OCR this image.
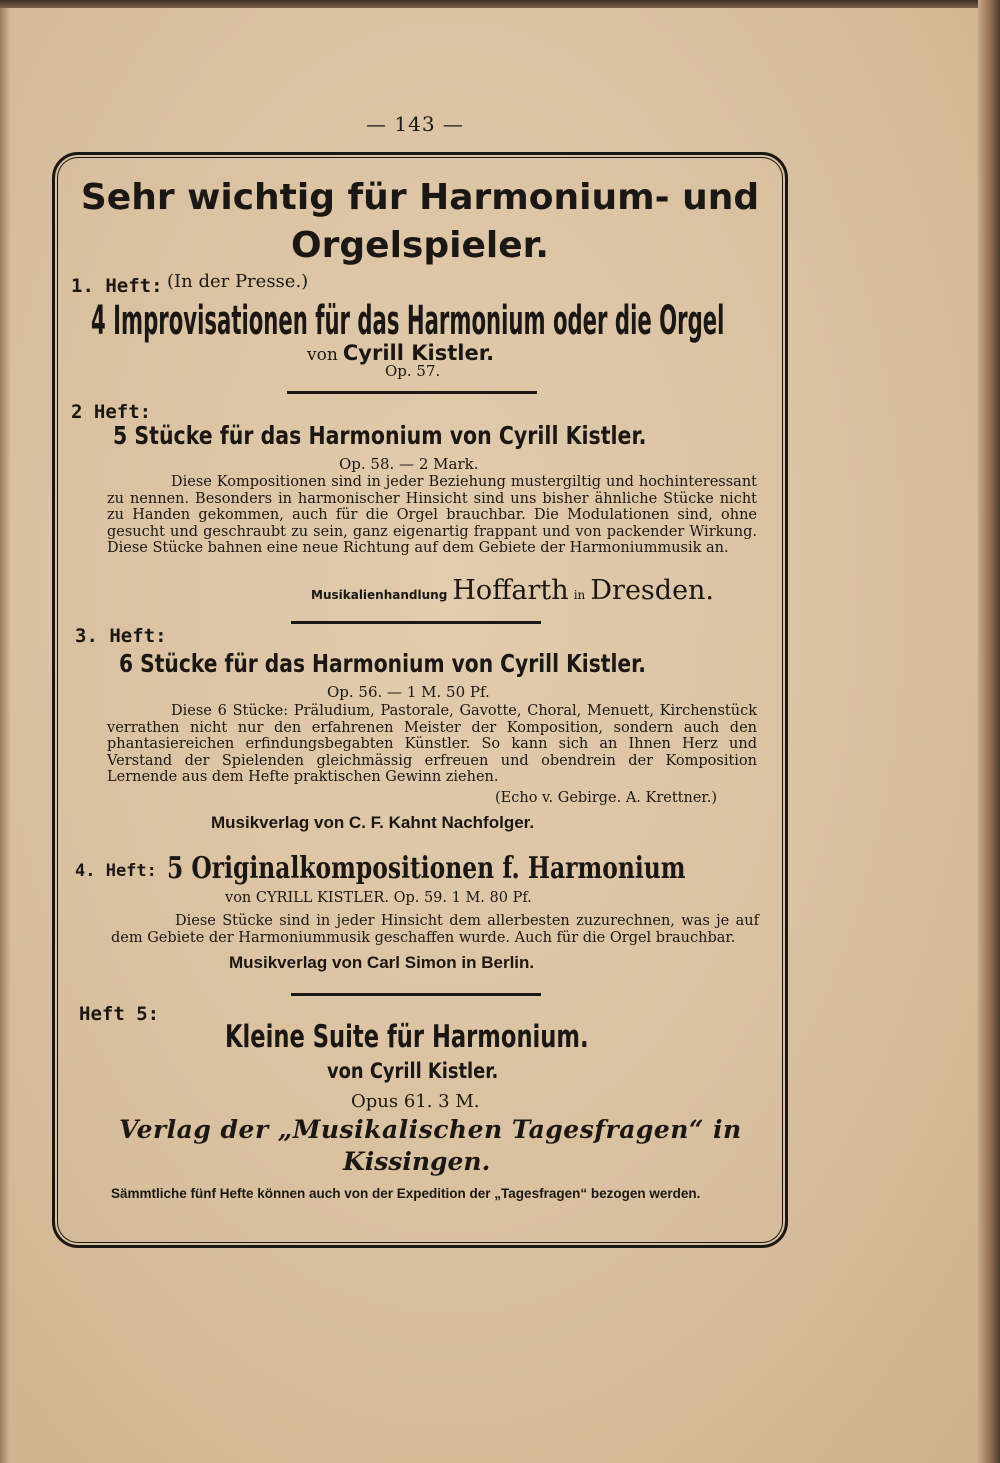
— 143 —
Sehr wichtig für Harmonium- und
Orgelspieler.
1. Heft: (In der Presse.)
4 Improvisationen für das Harmonium oder die Orgel
von Cyrill Kistler.
Op. 57.
2 Heft:
5 Stücke für das Harmonium von Cyrill Kistler.
Op. 58. — 2 Mark.
Diese Kompositionen sind in jeder Beziehung mustergiltig und hochinteressant zu nennen. Besonders in harmonischer Hinsicht sind uns bisher ähnliche Stücke nicht zu Handen gekommen, auch für die Orgel brauchbar. Die Modulationen sind, ohne gesucht und geschraubt zu sein, ganz eigenartig frappant und von packender Wirkung. Diese Stücke bahnen eine neue Richtung auf dem Gebiete der Harmoniummusik an.
Musikalienhandlung Hoffarth in Dresden.
3. Heft:
6 Stücke für das Harmonium von Cyrill Kistler.
Op. 56. — 1 M. 50 Pf.
Diese 6 Stücke: Präludium, Pastorale, Gavotte, Choral, Menuett, Kirchenstück verrathen nicht nur den erfahrenen Meister der Komposition, sondern auch den phantasiereichen erfindungsbegabten Künstler. So kann sich an Ihnen Herz und Verstand der Spielenden gleichmässig erfreuen und obendrein der Komposition Lernende aus dem Hefte praktischen Gewinn ziehen.
(Echo v. Gebirge. A. Krettner.)
Musikverlag von C. F. Kahnt Nachfolger.
4. Heft: 5 Originalkompositionen f. Harmonium
von CYRILL KISTLER. Op. 59. 1 M. 80 Pf.
Diese Stücke sind in jeder Hinsicht dem allerbesten zuzurechnen, was je auf dem Gebiete der Harmoniummusik geschaffen wurde. Auch für die Orgel brauchbar.
Musikverlag von Carl Simon in Berlin.
Heft 5:
Kleine Suite für Harmonium.
von Cyrill Kistler.
Opus 61. 3 M.
Verlag der „Musikalischen Tagesfragen“ in
Kissingen.
Sämmtliche fünf Hefte können auch von der Expedition der „Tagesfragen“ bezogen werden.
